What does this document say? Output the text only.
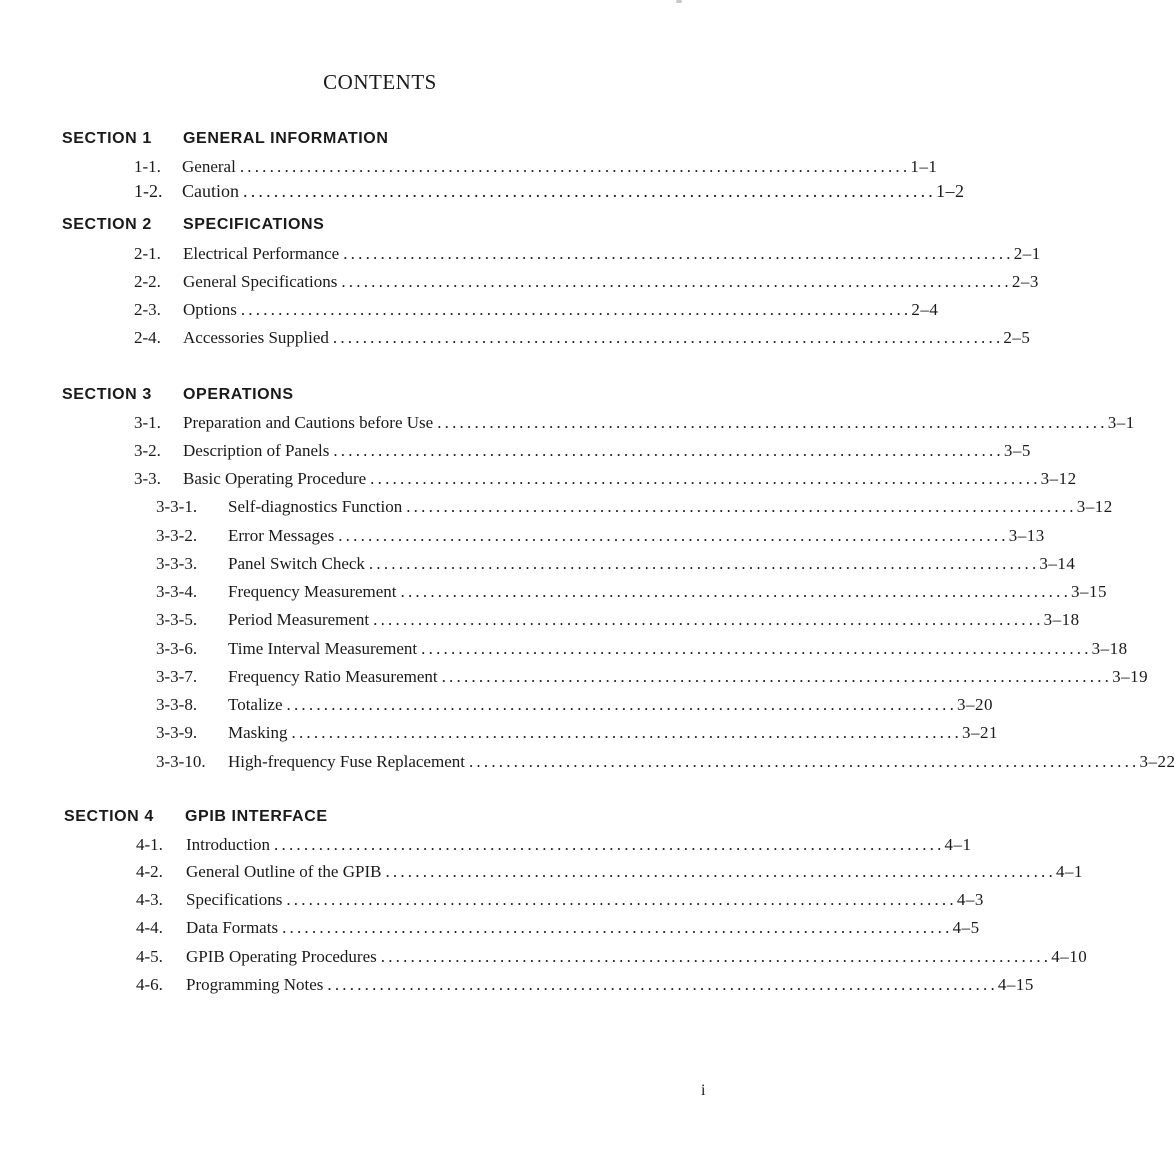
CONTENTS
SECTION 1 GENERAL INFORMATION
1-1.	General .......................................................................................... 1–1
1-2.	Caution .......................................................................................... 1–2
SECTION 2 SPECIFICATIONS
2-1.	Electrical Performance .......................................................................................... 2–1
2-2.	General Specifications .......................................................................................... 2–3
2-3.	Options .......................................................................................... 2–4
2-4.	Accessories Supplied .......................................................................................... 2–5
SECTION 3 OPERATIONS
3-1.	Preparation and Cautions before Use .......................................................................................... 3–1
3-2.	Description of Panels .......................................................................................... 3–5
3-3.	Basic Operating Procedure .......................................................................................... 3–12
3-3-1.	Self-diagnostics Function .......................................................................................... 3–12
3-3-2.	Error Messages .......................................................................................... 3–13
3-3-3.	Panel Switch Check .......................................................................................... 3–14
3-3-4.	Frequency Measurement .......................................................................................... 3–15
3-3-5.	Period Measurement .......................................................................................... 3–18
3-3-6.	Time Interval Measurement .......................................................................................... 3–18
3-3-7.	Frequency Ratio Measurement .......................................................................................... 3–19
3-3-8.	Totalize .......................................................................................... 3–20
3-3-9.	Masking .......................................................................................... 3–21
3-3-10.	High-frequency Fuse Replacement .......................................................................................... 3–22
SECTION 4 GPIB INTERFACE
4-1.	Introduction .......................................................................................... 4–1
4-2.	General Outline of the GPIB .......................................................................................... 4–1
4-3.	Specifications .......................................................................................... 4–3
4-4.	Data Formats .......................................................................................... 4–5
4-5.	GPIB Operating Procedures .......................................................................................... 4–10
4-6.	Programming Notes .......................................................................................... 4–15
i
